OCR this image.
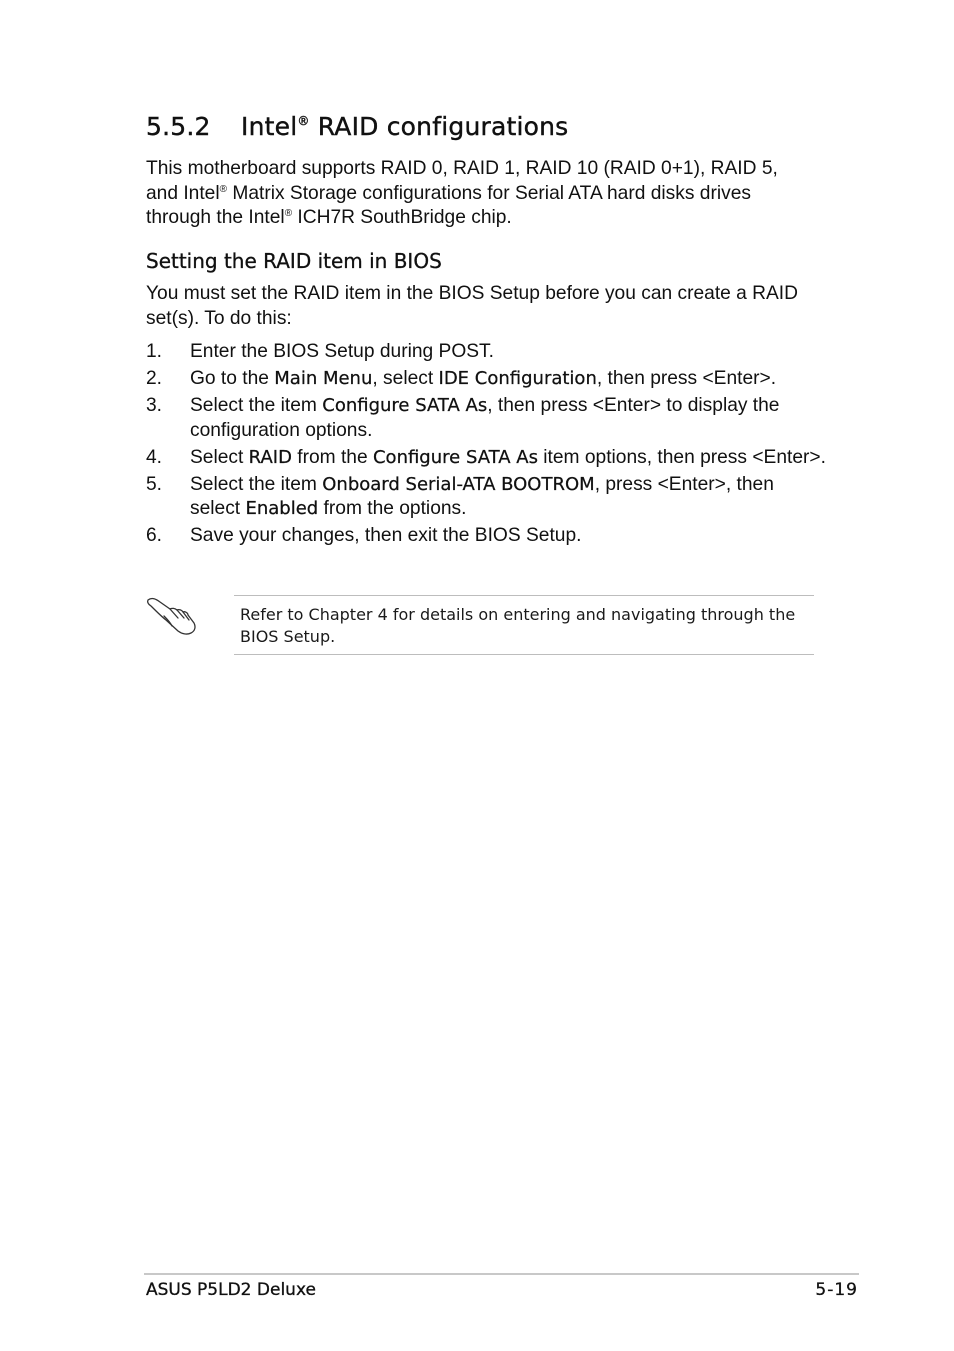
5.5.2 Intel® RAID configurations

This motherboard supports RAID 0, RAID 1, RAID 10 (RAID 0+1), RAID 5,
and Intel® Matrix Storage configurations for Serial ATA hard disks drives
through the Intel® ICH7R SouthBridge chip.

Setting the RAID item in BIOS

You must set the RAID item in the BIOS Setup before you can create a RAID set(s). To do this:

1.	Enter the BIOS Setup during POST.
2.	Go to the Main Menu, select IDE Configuration, then press <Enter>.
3.	Select the item Configure SATA As, then press <Enter> to display the configuration options.
4.	Select RAID from the Configure SATA As item options, then press <Enter>.
5.	Select the item Onboard Serial-ATA BOOTROM, press <Enter>, then select Enabled from the options.
6.	Save your changes, then exit the BIOS Setup.

Refer to Chapter 4 for details on entering and navigating through the BIOS Setup.

ASUS P5LD2 Deluxe	5-19
